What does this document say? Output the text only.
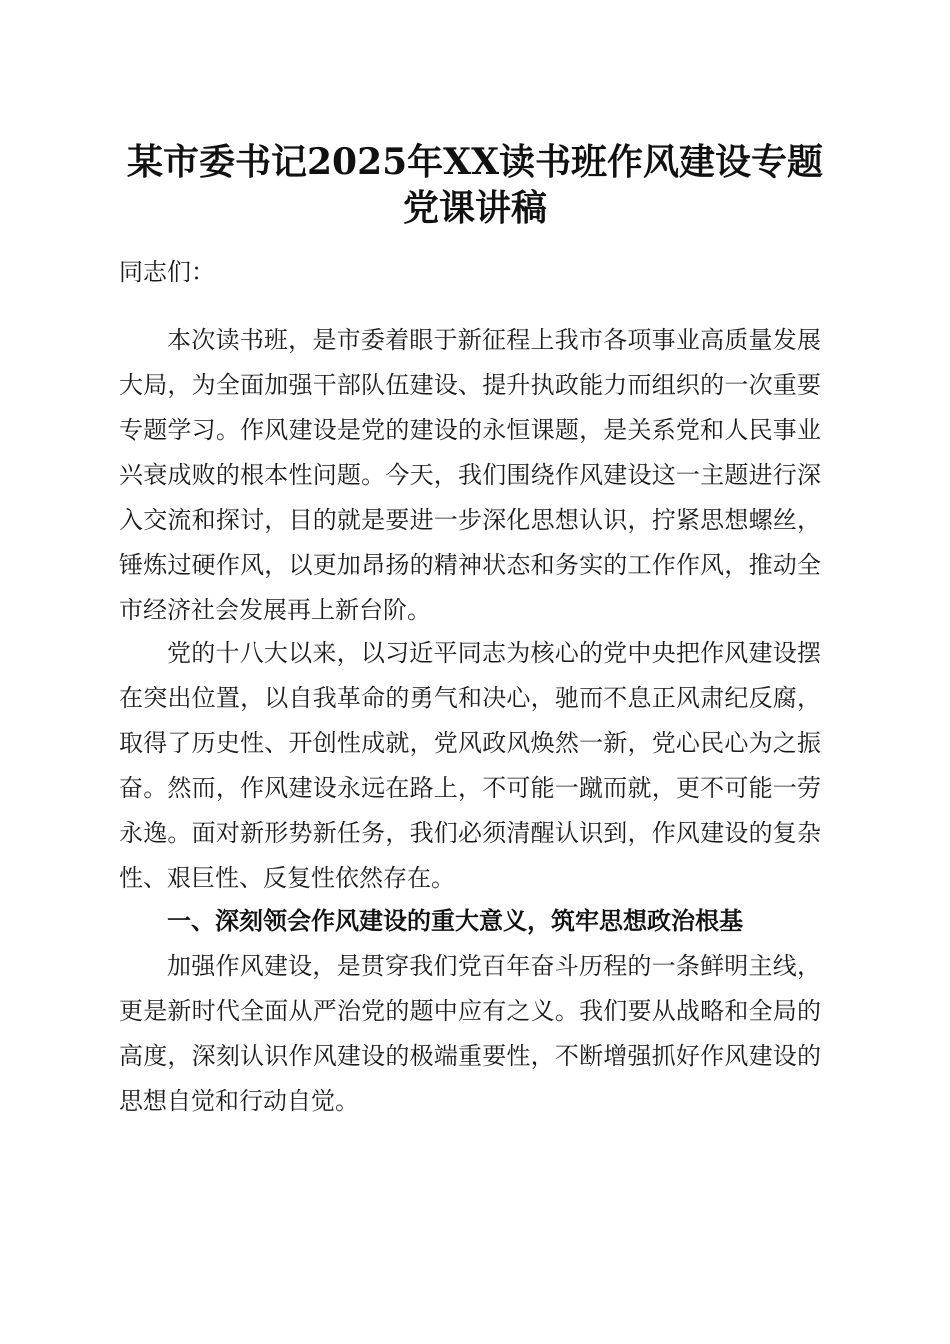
某市委书记2025年XX读书班作风建设专题
党课讲稿

同志们：

本次读书班，是市委着眼于新征程上我市各项事业高质量发展大局，为全面加强干部队伍建设、提升执政能力而组织的一次重要专题学习。作风建设是党的建设的永恒课题，是关系党和人民事业兴衰成败的根本性问题。今天，我们围绕作风建设这一主题进行深入交流和探讨，目的就是要进一步深化思想认识，拧紧思想螺丝，锤炼过硬作风，以更加昂扬的精神状态和务实的工作作风，推动全市经济社会发展再上新台阶。

党的十八大以来，以习近平同志为核心的党中央把作风建设摆在突出位置，以自我革命的勇气和决心，驰而不息正风肃纪反腐，取得了历史性、开创性成就，党风政风焕然一新，党心民心为之振奋。然而，作风建设永远在路上，不可能一蹴而就，更不可能一劳永逸。面对新形势新任务，我们必须清醒认识到，作风建设的复杂性、艰巨性、反复性依然存在。

一、深刻领会作风建设的重大意义，筑牢思想政治根基

加强作风建设，是贯穿我们党百年奋斗历程的一条鲜明主线，更是新时代全面从严治党的题中应有之义。我们要从战略和全局的高度，深刻认识作风建设的极端重要性，不断增强抓好作风建设的思想自觉和行动自觉。
